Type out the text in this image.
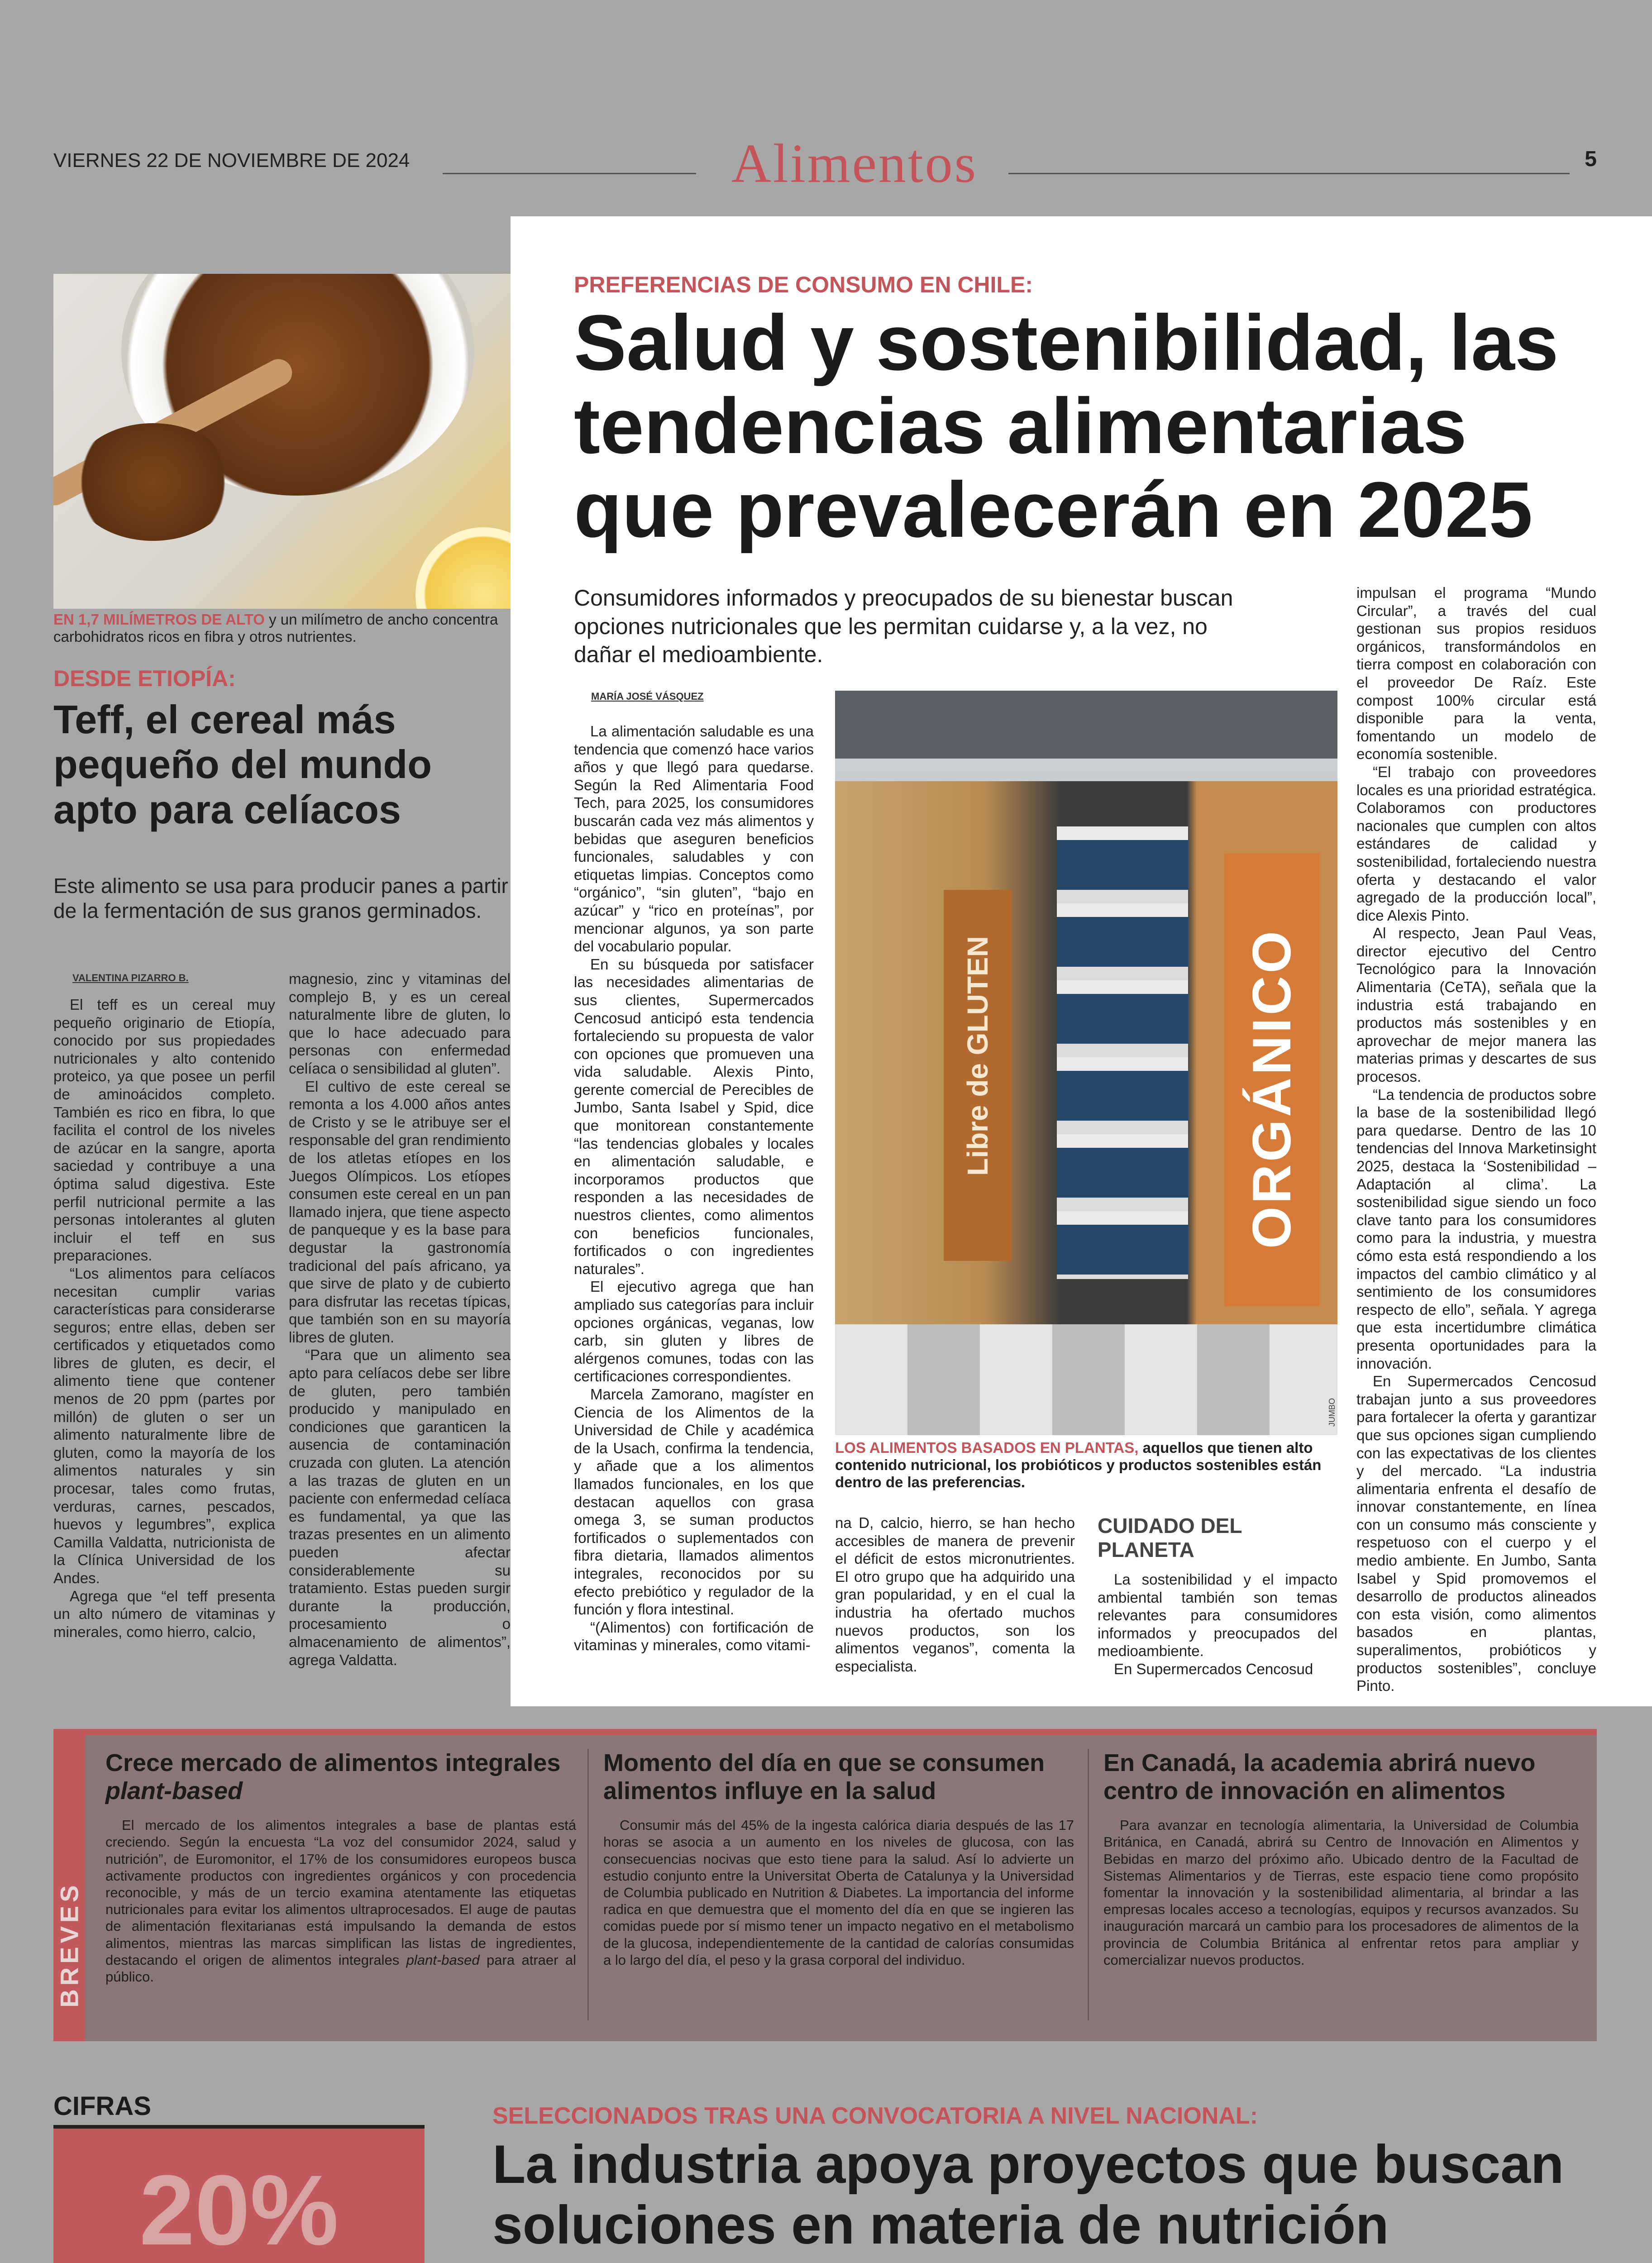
VIERNES 22 DE NOVIEMBRE DE 2024	Alimentos	5
EN 1,7 MILÍMETROS DE ALTO y un milímetro de ancho concentra carbohidratos ricos en fibra y otros nutrientes.
DESDE ETIOPÍA:
Teff, el cereal más pequeño del mundo apto para celíacos
Este alimento se usa para producir panes a partir de la fermentación de sus granos germinados.
VALENTINA PIZARRO B.

El teff es un cereal muy pequeño originario de Etiopía, conocido por sus propiedades nutricionales y alto contenido proteico, ya que posee un perfil de aminoácidos completo. También es rico en fibra, lo que facilita el control de los niveles de azúcar en la sangre, aporta saciedad y contribuye a una óptima salud digestiva. Este perfil nutricional permite a las personas intolerantes al gluten incluir el teff en sus preparaciones.

“Los alimentos para celíacos necesitan cumplir varias características para considerarse seguros; entre ellas, deben ser certificados y etiquetados como libres de gluten, es decir, el alimento tiene que contener menos de 20 ppm (partes por millón) de gluten o ser un alimento naturalmente libre de gluten, como la mayoría de los alimentos naturales y sin procesar, tales como frutas, verduras, carnes, pescados, huevos y legumbres”, explica Camilla Valdatta, nutricionista de la Clínica Universidad de los Andes.

Agrega que “el teff presenta un alto número de vitaminas y minerales, como hierro, calcio,

magnesio, zinc y vitaminas del complejo B, y es un cereal naturalmente libre de gluten, lo que lo hace adecuado para personas con enfermedad celíaca o sensibilidad al gluten”.

El cultivo de este cereal se remonta a los 4.000 años antes de Cristo y se le atribuye ser el responsable del gran rendimiento de los atletas etíopes en los Juegos Olímpicos. Los etíopes consumen este cereal en un pan llamado injera, que tiene aspecto de panqueque y es la base para degustar la gastronomía tradicional del país africano, ya que sirve de plato y de cubierto para disfrutar las recetas típicas, que también son en su mayoría libres de gluten.

“Para que un alimento sea apto para celíacos debe ser libre de gluten, pero también producido y manipulado en condiciones que garanticen la ausencia de contaminación cruzada con gluten. La atención a las trazas de gluten en un paciente con enfermedad celíaca es fundamental, ya que las trazas presentes en un alimento pueden afectar considerablemente su tratamiento. Estas pueden surgir durante la producción, procesamiento o almacenamiento de alimentos”, agrega Valdatta.

PREFERENCIAS DE CONSUMO EN CHILE:
Salud y sostenibilidad, las tendencias alimentarias que prevalecerán en 2025
Consumidores informados y preocupados de su bienestar buscan opciones nutricionales que les permitan cuidarse y, a la vez, no dañar el medioambiente.
MARÍA JOSÉ VÁSQUEZ

La alimentación saludable es una tendencia que comenzó hace varios años y que llegó para quedarse. Según la Red Alimentaria Food Tech, para 2025, los consumidores buscarán cada vez más alimentos y bebidas que aseguren beneficios funcionales, saludables y con etiquetas limpias. Conceptos como “orgánico”, “sin gluten”, “bajo en azúcar” y “rico en proteínas”, por mencionar algunos, ya son parte del vocabulario popular.

En su búsqueda por satisfacer las necesidades alimentarias de sus clientes, Supermercados Cencosud anticipó esta tendencia fortaleciendo su propuesta de valor con opciones que promueven una vida saludable. Alexis Pinto, gerente comercial de Perecibles de Jumbo, Santa Isabel y Spid, dice que monitorean constantemente “las tendencias globales y locales en alimentación saludable, e incorporamos productos que responden a las necesidades de nuestros clientes, como alimentos con beneficios funcionales, fortificados o con ingredientes naturales”.

El ejecutivo agrega que han ampliado sus categorías para incluir opciones orgánicas, veganas, low carb, sin gluten y libres de alérgenos comunes, todas con las certificaciones correspondientes.

Marcela Zamorano, magíster en Ciencia de los Alimentos de la Universidad de Chile y académica de la Usach, confirma la tendencia, y añade que a los alimentos llamados funcionales, en los que destacan aquellos con grasa omega 3, se suman productos fortificados o suplementados con fibra dietaria, llamados alimentos integrales, reconocidos por su efecto prebiótico y regulador de la función y flora intestinal.

“(Alimentos) con fortificación de vitaminas y minerales, como vitami-

Libre de GLUTEN	ORGÁNICO
JUMBO
LOS ALIMENTOS BASADOS EN PLANTAS, aquellos que tienen alto contenido nutricional, los probióticos y productos sostenibles están dentro de las preferencias.

na D, calcio, hierro, se han hecho accesibles de manera de prevenir el déficit de estos micronutrientes. El otro grupo que ha adquirido una gran popularidad, y en el cual la industria ha ofertado muchos nuevos productos, son los alimentos veganos”, comenta la especialista.

CUIDADO DEL PLANETA

La sostenibilidad y el impacto ambiental también son temas relevantes para consumidores informados y preocupados del medioambiente.

En Supermercados Cencosud

impulsan el programa “Mundo Circular”, a través del cual gestionan sus propios residuos orgánicos, transformándolos en tierra compost en colaboración con el proveedor De Raíz. Este compost 100% circular está disponible para la venta, fomentando un modelo de economía sostenible.

“El trabajo con proveedores locales es una prioridad estratégica. Colaboramos con productores nacionales que cumplen con altos estándares de calidad y sostenibilidad, fortaleciendo nuestra oferta y destacando el valor agregado de la producción local”, dice Alexis Pinto.

Al respecto, Jean Paul Veas, director ejecutivo del Centro Tecnológico para la Innovación Alimentaria (CeTA), señala que la industria está trabajando en productos más sostenibles y en aprovechar de mejor manera las materias primas y descartes de sus procesos.

“La tendencia de productos sobre la base de la sostenibilidad llegó para quedarse. Dentro de las 10 tendencias del Innova Marketinsight 2025, destaca la ‘Sostenibilidad – Adaptación al clima’. La sostenibilidad sigue siendo un foco clave tanto para los consumidores como para la industria, y muestra cómo esta está respondiendo a los impactos del cambio climático y al sentimiento de los consumidores respecto de ello”, señala. Y agrega que esta incertidumbre climática presenta oportunidades para la innovación.

En Supermercados Cencosud trabajan junto a sus proveedores para fortalecer la oferta y garantizar que sus opciones sigan cumpliendo con las expectativas de los clientes y del mercado. “La industria alimentaria enfrenta el desafío de innovar constantemente, en línea con un consumo más consciente y respetuoso con el cuerpo y el medio ambiente. En Jumbo, Santa Isabel y Spid promovemos el desarrollo de productos alineados con esta visión, como alimentos basados en plantas, superalimentos, probióticos y productos sostenibles”, concluye Pinto.

BREVES
Crece mercado de alimentos integrales plant-based
El mercado de los alimentos integrales a base de plantas está creciendo. Según la encuesta “La voz del consumidor 2024, salud y nutrición”, de Euromonitor, el 17% de los consumidores europeos busca activamente productos con ingredientes orgánicos y con procedencia reconocible, y más de un tercio examina atentamente las etiquetas nutricionales para evitar los alimentos ultraprocesados. El auge de pautas de alimentación flexitarianas está impulsando la demanda de estos alimentos, mientras las marcas simplifican las listas de ingredientes, destacando el origen de alimentos integrales plant-based para atraer al público.
Momento del día en que se consumen alimentos influye en la salud
Consumir más del 45% de la ingesta calórica diaria después de las 17 horas se asocia a un aumento en los niveles de glucosa, con las consecuencias nocivas que esto tiene para la salud. Así lo advierte un estudio conjunto entre la Universitat Oberta de Catalunya y la Universidad de Columbia publicado en Nutrition & Diabetes. La importancia del informe radica en que demuestra que el momento del día en que se ingieren las comidas puede por sí mismo tener un impacto negativo en el metabolismo de la glucosa, independientemente de la cantidad de calorías consumidas a lo largo del día, el peso y la grasa corporal del individuo.
En Canadá, la academia abrirá nuevo centro de innovación en alimentos
Para avanzar en tecnología alimentaria, la Universidad de Columbia Británica, en Canadá, abrirá su Centro de Innovación en Alimentos y Bebidas en marzo del próximo año. Ubicado dentro de la Facultad de Sistemas Alimentarios y de Tierras, este espacio tiene como propósito fomentar la innovación y la sostenibilidad alimentaria, al brindar a las empresas locales acceso a tecnologías, equipos y recursos avanzados. Su inauguración marcará un cambio para los procesadores de alimentos de la provincia de Columbia Británica al enfrentar retos para ampliar y comercializar nuevos productos.
CIFRAS
20%
SELECCIONADOS TRAS UNA CONVOCATORIA A NIVEL NACIONAL:
La industria apoya proyectos que buscan soluciones en materia de nutrición
